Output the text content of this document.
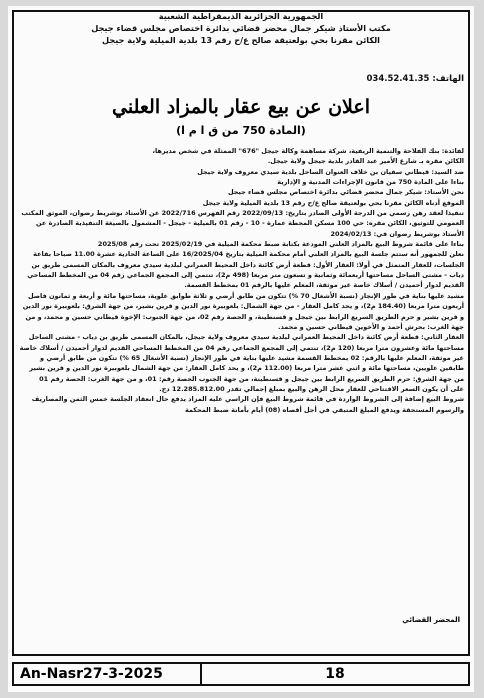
الجمهورية الجزائرية الديمقراطية الشعبية
مكتب الأستاذ شيكر جمال محضر قضائي بدائرة اختصاص مجلس قضاء جيجل
الكائن مقرنا بحي بولعتيقة صالح ع/ح رقم 13 بلدية الميلية ولاية جيجل
الهاتف: 034.52.41.35
اعلان عن بيع عقار بالمزاد العلني
(المادة 750 من ق ا م ا)

لفائدة: بنك الفلاحة والتنمية الريفية، شركة مساهمة وكالة جيجل "676" الممثلة في شخص مديرها،

الكائن مقره بـ شارع الأمير عبد القادر بلدية جيجل ولاية جيجل.

ضد السيد: قيطاني سفيان بن خلاف العنوان الساحل بلدية سيدي معروف ولاية جيجل

بناءا على المادة 750 من قانون الإجراءات المدنية و الإدارية

نحن الأستاذ: شيكر جمال محضر قضائي بدائرة اختصاص مجلس قضاء جيجل

الموقع أدناه الكائن مقرنا بحي بولعتيقة صالح ع/ح رقم 13 بلدية الميلية ولاية جيجل

تنفيذا لعقد رهن رسمي من الدرجة الأولى الصادر بتاريخ: 2022/09/13 رقم الفهرس 2022/716 عن الأستاذ بوشريط رضوان، الموثق المكتب العمومي للتوثيق، الكائن مقره: حي 100 مسكن المحطة عمارة - 10 - رقم 01 بالميلية - جيجل - المشمول بالصيغة التنفيذية الصادرة عن الأستاذ بوشريط رضوان في: 2024/02/13

بناءا على قائمة شروط البيع بالمزاد العلني المودعة بكتابة ضبط محكمة الميلية في 2025/02/19 تحت رقم 2025/08

نعلن للجمهور أنه ستتم جلسة البيع بالمزاد العلني أمام محكمة الميلية بتاريخ 16/2025/04 على الساعة الحادية عشرة 11.00 صباحا بقاعة الجلسات، للعقار المتمثل في أولا: العقار الأول: قطعة أرض كائنة داخل المحيط العمراني لبلدية سيدي معروف بالمكان المسمى طريق بن دياب - مشتى الساحل مساحتها أربعمائة وثمانية و تسعون متر مربعا (498 م2)، تنتمي إلى المجمع الجماعي رقم 04 من المخطط المساحي القديم لدوار أحميدن / أسلاك خاصة غير موثقة، المعلم عليها بالرقم 01 بمخطط القسمة.

مشيد عليها بناية في طور الإنجاز (نسبة الأشغال 70 %) تتكون من طابق أرضي و ثلاثة طوابق علوية، مساحتها مائة و أربعة و ثمانون فاصل أربعون مترا مربعا (184.40 م2)، و يحد كامل العقار - من جهة الشمال: بلعوبيرة نور الدين و قرين بشير، من جهة الشرق: بلعوبيرة نور الدين و قرين بشير و حرم الطريق السريع الرابط بين جيجل و قسنطينة، و الحصة رقم 02، من جهة الجنوب: الإخوة قيطاني حسين و محمد، و من جهة الغرب: بحرش أحمد و الأخوين قيطاني حسين و محمد.

العقار الثاني: قطعة أرض كائنة داخل المحيط العمراني لبلدية سيدي معروف ولاية جيجل، بالمكان المسمى طريق بن دياب - مشتى الساحل مساحتها مائة وعشرون مترا مربعا (120 م2)، تنتمي إلى المجمع الجماعي رقم 04 من المخطط المساحي القديم لدوار أحميدن / أسلاك خاصة غير موثقة، المعلم عليها بالرقم: 02 بمخطط القسمة مشيد عليها بناية في طور الإنجاز (نسبة الأشغال 65 %) تتكون من طابق أرضي و طابقين علويين، مساحتها مائة و اثني عشر مترا مربعا (112.00 م2)، و يحد كامل العقار: من جهة الشمال بلعوبيرة نور الدين و قرين بشير من جهة الشرق: حرم الطريق السريع الرابط بين جيجل و قسنطينة، من جهة الجنوب الحصة رقم: 01، و من جهة الغرب: الحصة رقم 01

على أن يكون السعر الافتتاحي للعقار محل الرهن والبيع بمبلغ إجمالي تقدر 12.285.812.00 دج.

شروط البيع إضافة إلى الشروط الواردة في قائمة شروط البيع فإن الراسي عليه المزاد يدفع حال انعقاد الجلسة خمس الثمن والمصاريف والرسوم المستحقة ويدفع المبلغ المتبقي في أجل أقصاه (08) أيام بأمانة ضبط المحكمة

المحضر القضائي
An-Nasr27-3-2025	18
